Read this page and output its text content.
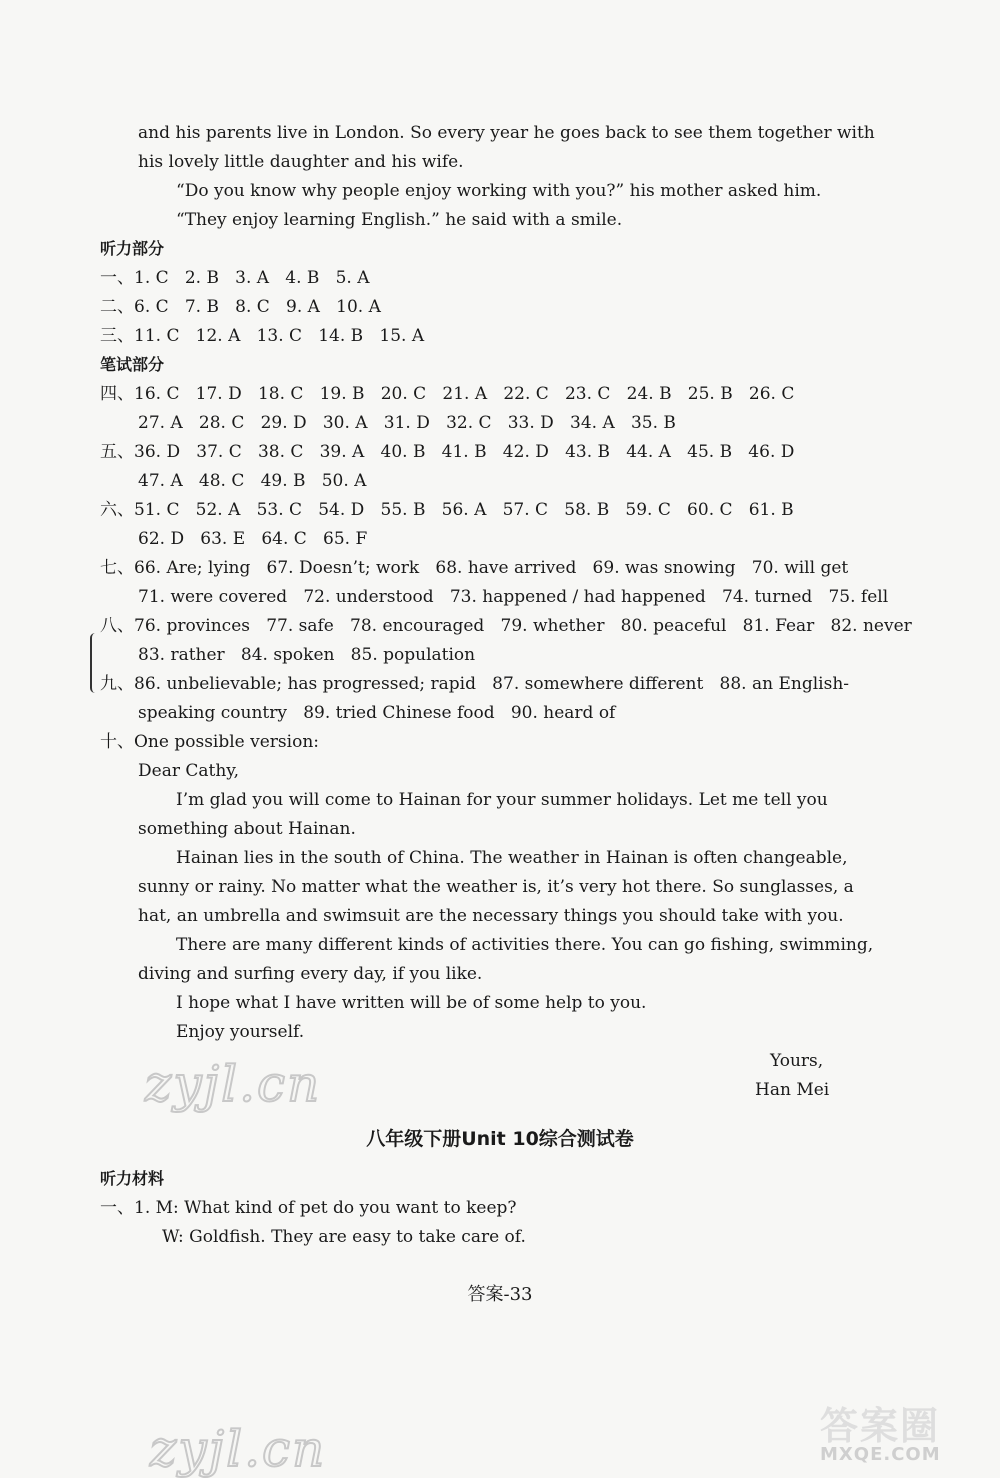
and his parents live in London. So every year he goes back to see them together with
his lovely little daughter and his wife.
“Do you know why people enjoy working with you?” his mother asked him.
“They enjoy learning English.” he said with a smile.
听力部分
一、1. C   2. B   3. A   4. B   5. A
二、6. C   7. B   8. C   9. A   10. A
三、11. C   12. A   13. C   14. B   15. A
笔试部分
四、16. C   17. D   18. C   19. B   20. C   21. A   22. C   23. C   24. B   25. B   26. C
27. A   28. C   29. D   30. A   31. D   32. C   33. D   34. A   35. B
五、36. D   37. C   38. C   39. A   40. B   41. B   42. D   43. B   44. A   45. B   46. D
47. A   48. C   49. B   50. A
六、51. C   52. A   53. C   54. D   55. B   56. A   57. C   58. B   59. C   60. C   61. B
62. D   63. E   64. C   65. F
七、66. Are; lying   67. Doesn’t; work   68. have arrived   69. was snowing   70. will get
71. were covered   72. understood   73. happened / had happened   74. turned   75. fell
八、76. provinces   77. safe   78. encouraged   79. whether   80. peaceful   81. Fear   82. never
83. rather   84. spoken   85. population
九、86. unbelievable; has progressed; rapid   87. somewhere different   88. an English-
speaking country   89. tried Chinese food   90. heard of
十、One possible version:
Dear Cathy,
I’m glad you will come to Hainan for your summer holidays. Let me tell you
something about Hainan.
Hainan lies in the south of China. The weather in Hainan is often changeable,
sunny or rainy. No matter what the weather is, it’s very hot there. So sunglasses, a
hat, an umbrella and swimsuit are the necessary things you should take with you.
There are many different kinds of activities there. You can go fishing, swimming,
diving and surfing every day, if you like.
I hope what I have written will be of some help to you.
Enjoy yourself.
Yours,
Han Mei
zyjl.cn
八年级下册Unit 10综合测试卷
听力材料
一、1. M: What kind of pet do you want to keep?
W: Goldfish. They are easy to take care of.
答案-33
zyjl.cn	答案圈
MXQE.COM
